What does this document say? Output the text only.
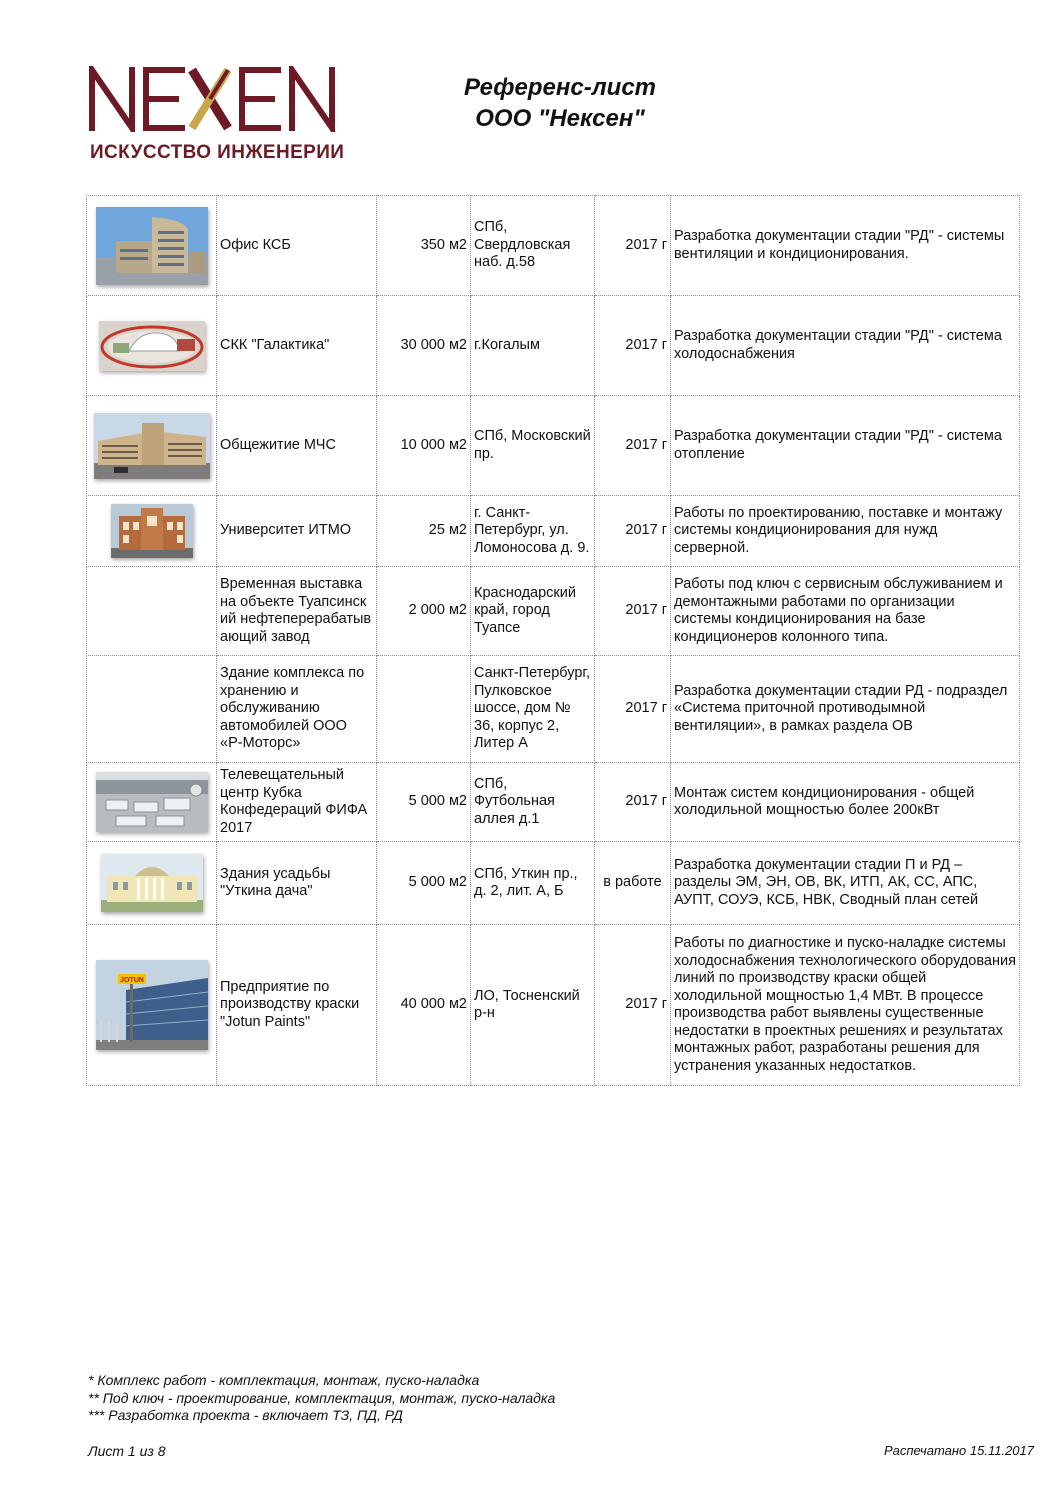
ИСКУССТВО ИНЖЕНЕРИИ
Референс-лист
ООО "Нексен"
	Офис КСБ	350 м2	СПб, Свердловская наб. д.58	2017 г	Разработка документации стадии "РД" - системы вентиляции и кондиционирования.

	СКК "Галактика"	30 000 м2	г.Когалым	2017 г	Разработка документации стадии "РД" - система холодоснабжения

	Общежитие МЧС	10 000 м2	СПб, Московский пр.	2017 г	Разработка документации стадии "РД" - система отопление

	Университет ИТМО	25 м2	г. Санкт-Петербург, ул. Ломоносова д. 9.	2017 г	Работы по проектированию, поставке и монтажу системы кондиционирования для нужд серверной.
	Временная выставка на объекте Туапсинский нефтеперерабатывающий завод	2 000 м2	Краснодарский край, город Туапсе	2017 г	Работы под ключ с сервисным обслуживанием и демонтажными работами по организации системы кондиционирования на базе кондиционеров колонного типа.
	Здание комплекса по хранению и обслуживанию автомобилей ООО «Р-Моторс»		Санкт-Петербург, Пулковское шоссе, дом № 36, корпус 2, Литер А	2017 г	Разработка документации стадии РД - подраздел «Система приточной противодымной вентиляции», в рамках раздела ОВ

	Телевещательный центр Кубка Конфедераций ФИФА 2017	5 000 м2	СПб, Футбольная аллея д.1	2017 г	Монтаж систем кондиционирования - общей холодильной мощностью более 200кВт

	Здания усадьбы "Уткина дача"	5 000 м2	СПб, Уткин пр., д. 2, лит. А, Б	в работе	Разработка документации стадии П и РД – разделы ЭМ, ЭН, ОВ, ВК, ИТП, АК, СС, АПС, АУПТ, СОУЭ, КСБ, НВК, Сводный план сетей

JOTUN	Предприятие по производству краски "Jotun Paints"	40 000 м2	ЛО, Тосненский р-н	2017 г	Работы по диагностике и пуско-наладке системы холодоснабжения технологического оборудования линий по производству краски общей холодильной мощностью 1,4 МВт. В процессе производства работ выявлены существенные недостатки в проектных решениях и результатах монтажных работ, разработаны решения для устранения указанных недостатков.
* Комплекс работ - комплектация, монтаж, пуско-наладка
** Под ключ - проектирование, комплектация, монтаж, пуско-наладка
*** Разработка проекта - включает ТЗ, ПД, РД
Лист 1 из 8	Распечатано 15.11.2017
